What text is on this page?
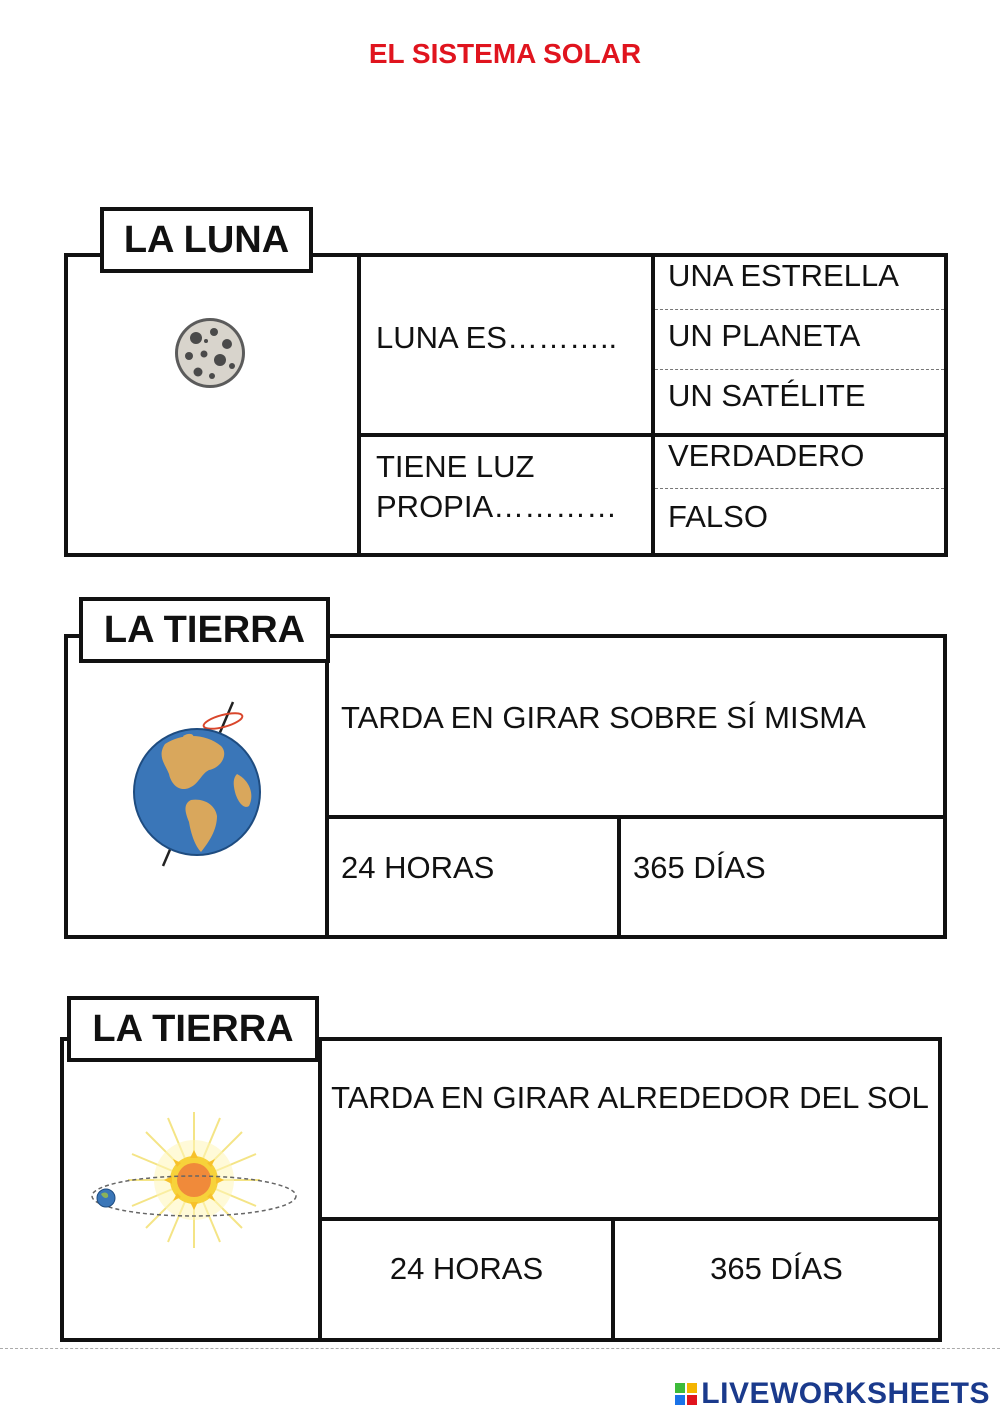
EL SISTEMA SOLAR
LA LUNA
LUNA ES………..
UNA ESTRELLA
UN PLANETA
UN SATÉLITE
TIENE LUZ
PROPIA…………
VERDADERO
FALSO
LA TIERRA
TARDA EN GIRAR SOBRE SÍ MISMA
24 HORAS	365 DÍAS
LA TIERRA
TARDA EN GIRAR ALREDEDOR DEL SOL
24 HORAS	365 DÍAS
LIVEWORKSHEETS
